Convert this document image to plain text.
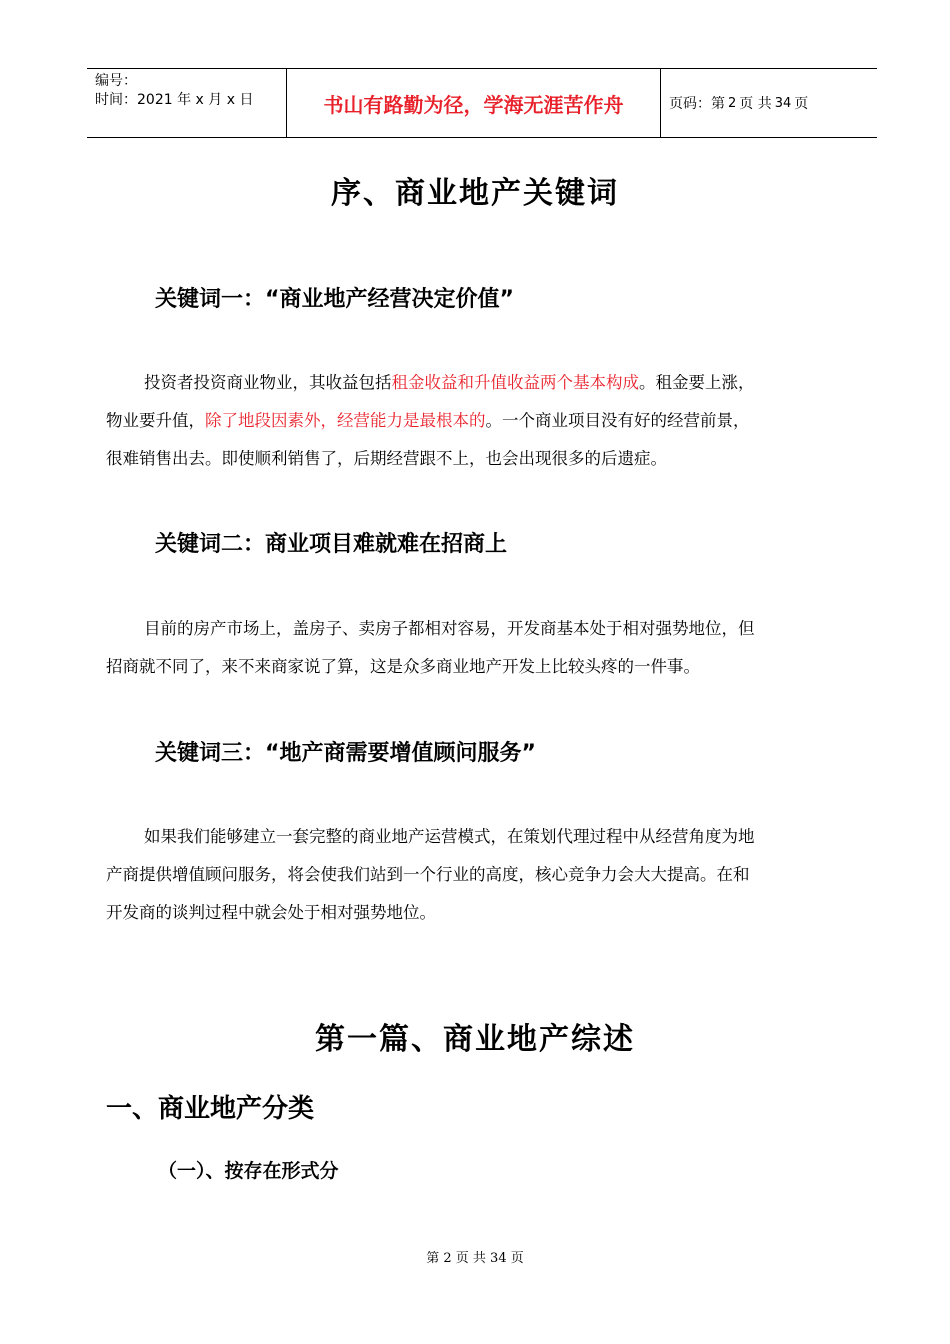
编号：
时间：2021 年 x 月 x 日	书山有路勤为径，学海无涯苦作舟	页码：第 2 页 共 34 页
序、商业地产关键词
关键词一：“商业地产经营决定价值”
投资者投资商业物业，其收益包括租金收益和升值收益两个基本构成。租金要上涨，
物业要升值，除了地段因素外，经营能力是最根本的。一个商业项目没有好的经营前景，
很难销售出去。即使顺利销售了，后期经营跟不上，也会出现很多的后遗症。
关键词二：商业项目难就难在招商上
目前的房产市场上，盖房子、卖房子都相对容易，开发商基本处于相对强势地位，但
招商就不同了，来不来商家说了算，这是众多商业地产开发上比较头疼的一件事。
关键词三：“地产商需要增值顾问服务”
如果我们能够建立一套完整的商业地产运营模式，在策划代理过程中从经营角度为地
产商提供增值顾问服务，将会使我们站到一个行业的高度，核心竞争力会大大提高。在和
开发商的谈判过程中就会处于相对强势地位。
第一篇、商业地产综述
一、商业地产分类
（一）、按存在形式分
第 2 页 共 34 页
